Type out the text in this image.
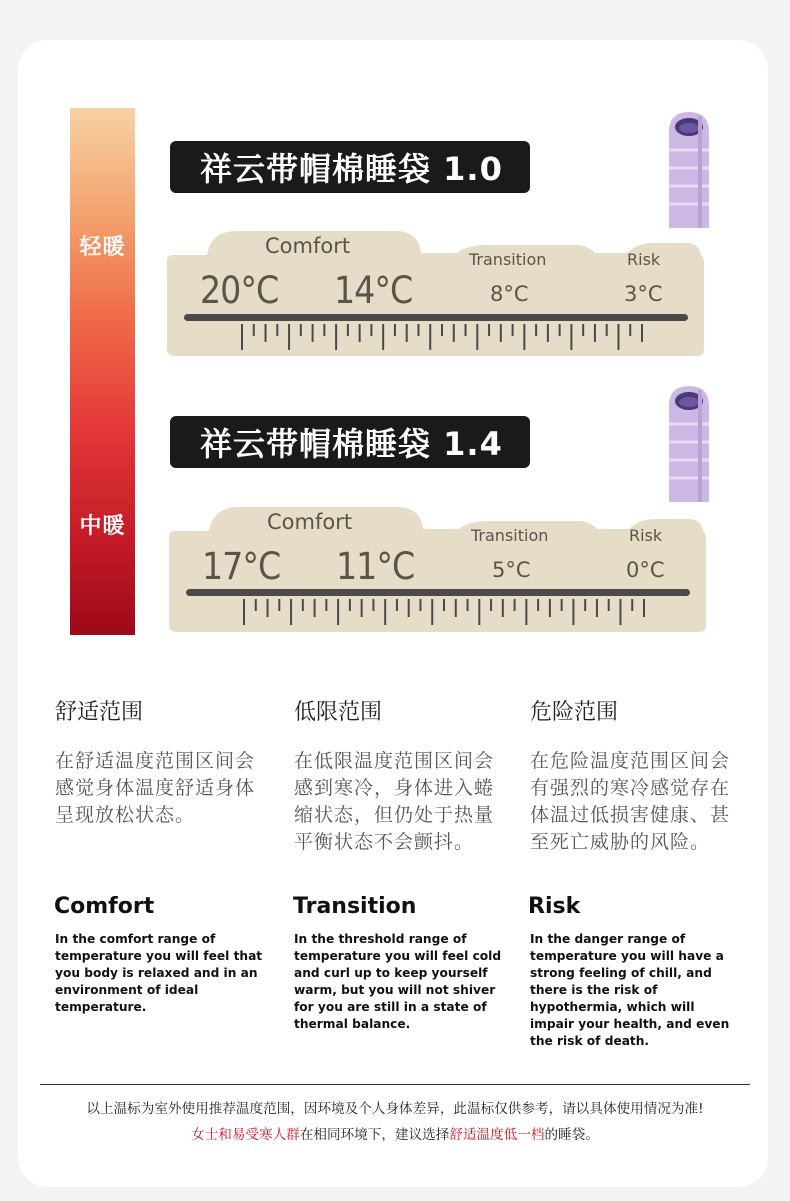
轻暖
中暖
祥云带帽棉睡袋 1.0
Comfort
Transition	Risk
20°C 14°C	8°C	3°C
祥云带帽棉睡袋 1.4
Comfort
Transition	Risk
17°C 11°C	5°C	0°C
舒适范围
在舒适温度范围区间会感觉身体温度舒适身体呈现放松状态。
低限范围
在低限温度范围区间会感到寒冷，身体进入蜷缩状态，但仍处于热量平衡状态不会颤抖。
危险范围
在危险温度范围区间会有强烈的寒冷感觉存在体温过低损害健康、甚至死亡威胁的风险。
Comfort
In the comfort range of temperature you will feel that you body is relaxed and in an environment of ideal temperature.
Transition
In the threshold range of temperature you will feel cold and curl up to keep yourself warm, but you will not shiver for you are still in a state of thermal balance.
Risk
In the danger range of temperature you will have a strong feeling of chill, and there is the risk of hypothermia, which will impair your health, and even the risk of death.
以上温标为室外使用推荐温度范围，因环境及个人身体差异，此温标仅供参考，请以具体使用情况为准!
女士和易受寒人群在相同环境下，建议选择舒适温度低一档的睡袋。
